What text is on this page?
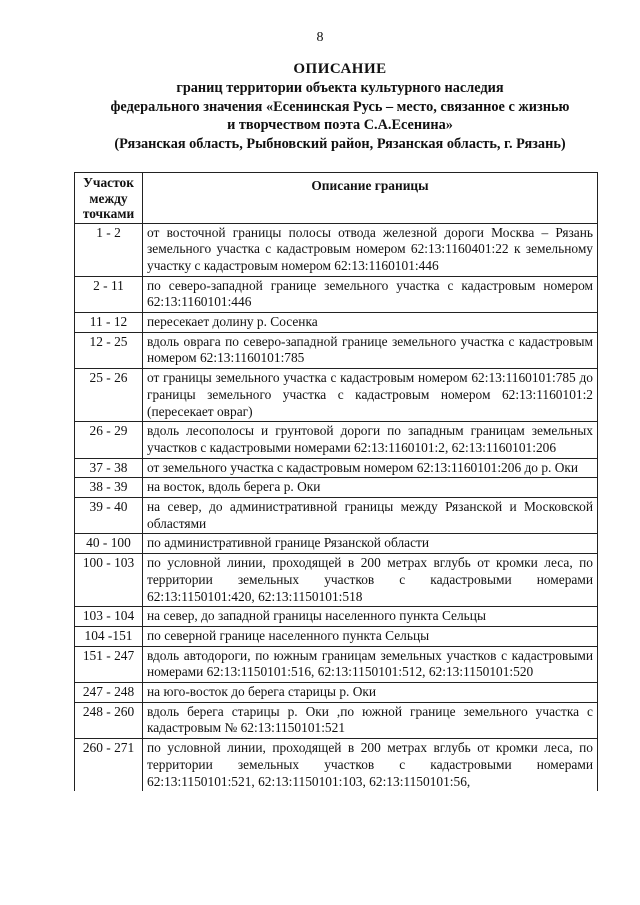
8
ОПИСАНИЕ
границ территории объекта культурного наследия
федерального значения «Есенинская Русь – место, связанное с жизнью
и творчеством поэта С.А.Есенина»
(Рязанская область, Рыбновский район, Рязанская область, г. Рязань)
Участок между точками	Описание границы
1 - 2	от восточной границы полосы отвода железной дороги Москва – Рязань земельного участка с кадастровым номером 62:13:1160401:22 к земельному участку с кадастровым номером 62:13:1160101:446
2 - 11	по северо-западной границе земельного участка с кадастровым номером 62:13:1160101:446
11 - 12	пересекает долину р. Сосенка
12 - 25	вдоль оврага по северо-западной границе земельного участка с кадастровым номером 62:13:1160101:785
25 - 26	от границы земельного участка с кадастровым номером 62:13:1160101:785 до границы земельного участка с кадастровым номером 62:13:1160101:2 (пересекает овраг)
26 - 29	вдоль лесополосы и грунтовой дороги по западным границам земельных участков с кадастровыми номерами 62:13:1160101:2, 62:13:1160101:206
37 - 38	от земельного участка с кадастровым номером 62:13:1160101:206 до р. Оки
38 - 39	на восток, вдоль берега р. Оки
39 - 40	на север, до административной границы между Рязанской и Московской областями
40 - 100	по административной границе Рязанской области
100 - 103	по условной линии, проходящей в 200 метрах вглубь от кромки леса, по территории земельных участков с кадастровыми номерами 62:13:1150101:420, 62:13:1150101:518
103 - 104	на север, до западной границы населенного пункта Сельцы
104 -151	по северной границе населенного пункта Сельцы
151 - 247	вдоль автодороги, по южным границам земельных участков с кадастровыми номерами 62:13:1150101:516, 62:13:1150101:512, 62:13:1150101:520
247 - 248	на юго-восток до берега старицы р. Оки
248 - 260	вдоль берега старицы р. Оки ,по южной границе земельного участка с кадастровым № 62:13:1150101:521
260 - 271	по условной линии, проходящей в 200 метрах вглубь от кромки леса, по территории земельных участков с кадастровыми номерами 62:13:1150101:521, 62:13:1150101:103, 62:13:1150101:56,
